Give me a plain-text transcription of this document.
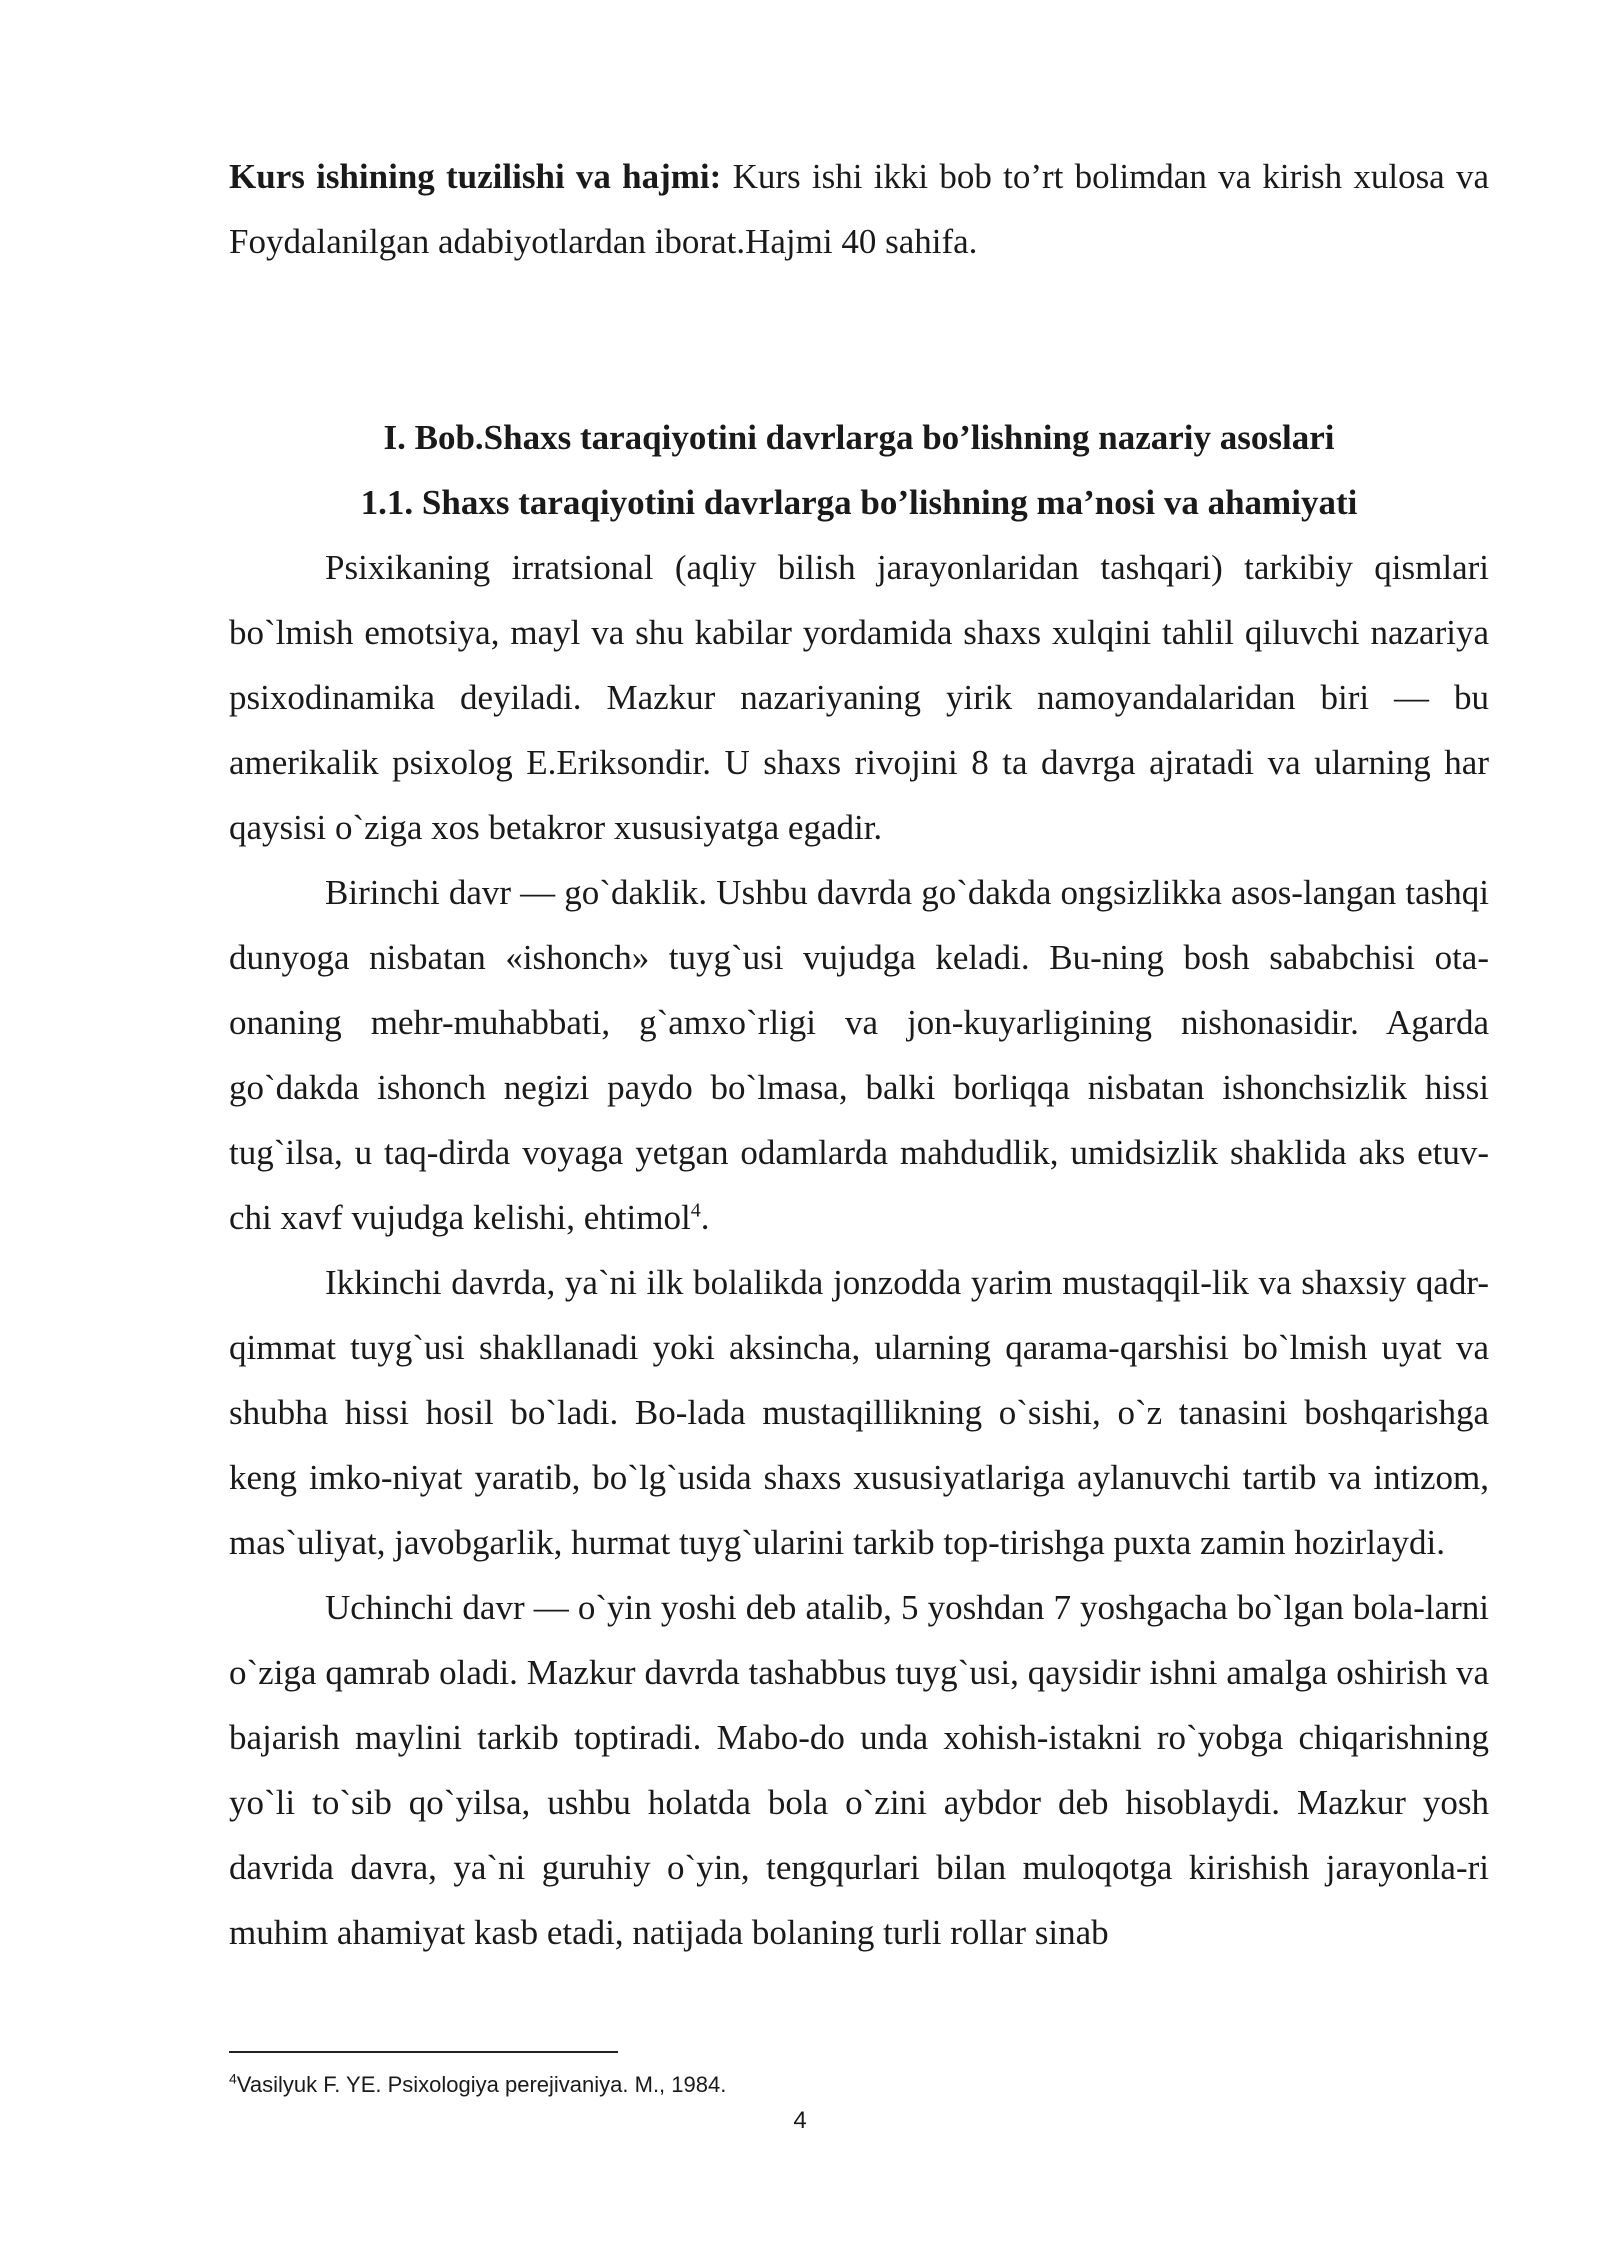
Kurs ishining tuzilishi va hajmi: Kurs ishi ikki bob to’rt bolimdan va kirish xulosa va Foydalanilgan adabiyotlardan iborat.Hajmi 40 sahifa.
I. Bob.Shaxs taraqiyotini davrlarga bo’lishning nazariy asoslari
1.1. Shaxs taraqiyotini davrlarga bo’lishning ma’nosi va ahamiyati

Psixikaning irratsional (aqliy bilish jarayonlaridan tashqari) tarkibiy qismlari bo`lmish emotsiya, mayl va shu kabilar yordamida shaxs xulqini tahlil qiluvchi nazariya psixodinamika deyiladi. Mazkur nazariyaning yirik namoyandalaridan biri — bu amerikalik psixolog E.Eriksondir. U shaxs rivojini 8 ta davrga ajratadi va ularning har qaysisi o`ziga xos betakror xususiyatga egadir.

Birinchi davr — go`daklik. Ushbu davrda go`dakda ongsizlikka asos-langan tashqi dunyoga nisbatan «ishonch» tuyg`usi vujudga keladi. Bu-ning bosh sababchisi ota-onaning mehr-muhabbati, g`amxo`rligi va jon-kuyarligining nishonasidir. Agarda go`dakda ishonch negizi paydo bo`lmasa, balki borliqqa nisbatan ishonchsizlik hissi tug`ilsa, u taq-dirda voyaga yetgan odamlarda mahdudlik, umidsizlik shaklida aks etuv-chi xavf vujudga kelishi, ehtimol$^4$.

Ikkinchi davrda, ya`ni ilk bolalikda jonzodda yarim mustaqqil-lik va shaxsiy qadr-qimmat tuyg`usi shakllanadi yoki aksincha, ularning qarama-qarshisi bo`lmish uyat va shubha hissi hosil bo`ladi. Bo-lada mustaqillikning o`sishi, o`z tanasini boshqarishga keng imko-niyat yaratib, bo`lg`usida shaxs xususiyatlariga aylanuvchi tartib va intizom, mas`uliyat, javobgarlik, hurmat tuyg`ularini tarkib top-tirishga puxta zamin hozirlaydi.

Uchinchi davr — o`yin yoshi deb atalib, 5 yoshdan 7 yoshgacha bo`lgan bola-larni o`ziga qamrab oladi. Mazkur davrda tashabbus tuyg`usi, qaysidir ishni amalga oshirish va bajarish maylini tarkib toptiradi. Mabo-do unda xohish-istakni ro`yobga chiqarishning yo`li to`sib qo`yilsa, ushbu holatda bola o`zini aybdor deb hisoblaydi. Mazkur yosh davrida davra, ya`ni guruhiy o`yin, tengqurlari bilan muloqotga kirishish jarayonla-ri muhim ahamiyat kasb etadi, natijada bolaning turli rollar sinab

$^4$Vasilyuk F. YE. Psixologiya perejivaniya. M., 1984.
4
